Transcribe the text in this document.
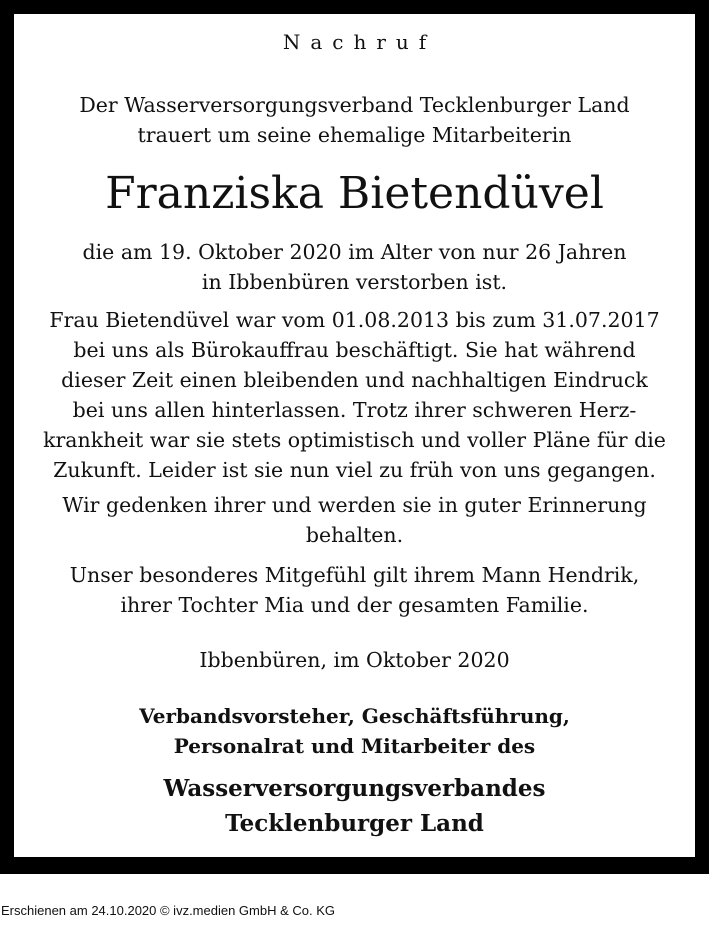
Nachruf
Der Wasserversorgungsverband Tecklenburger Land
trauert um seine ehemalige Mitarbeiterin
Franziska Bietendüvel
die am 19. Oktober 2020 im Alter von nur 26 Jahren
in Ibbenbüren verstorben ist.
Frau Bietendüvel war vom 01.08.2013 bis zum 31.07.2017
bei uns als Bürokauffrau beschäftigt. Sie hat während
dieser Zeit einen bleibenden und nachhaltigen Eindruck
bei uns allen hinterlassen. Trotz ihrer schweren Herz-
krankheit war sie stets optimistisch und voller Pläne für die
Zukunft. Leider ist sie nun viel zu früh von uns gegangen.
Wir gedenken ihrer und werden sie in guter Erinnerung
behalten.
Unser besonderes Mitgefühl gilt ihrem Mann Hendrik,
ihrer Tochter Mia und der gesamten Familie.
Ibbenbüren, im Oktober 2020
Verbandsvorsteher, Geschäftsführung,
Personalrat und Mitarbeiter des
Wasserversorgungsverbandes
Tecklenburger Land
Erschienen am 24.10.2020 © ivz.medien GmbH & Co. KG
